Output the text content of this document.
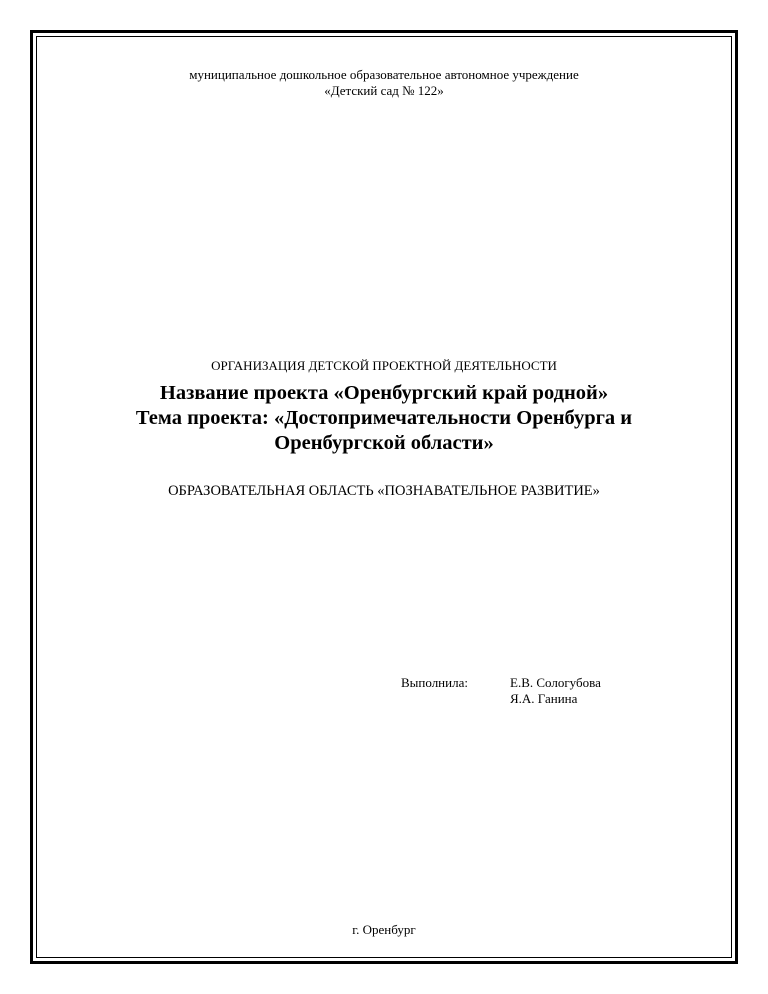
муниципальное дошкольное образовательное автономное учреждение
«Детский сад № 122»
ОРГАНИЗАЦИЯ ДЕТСКОЙ ПРОЕКТНОЙ ДЕЯТЕЛЬНОСТИ
Название проекта «Оренбургский край родной»
Тема проекта: «Достопримечательности Оренбурга и
Оренбургской области»
ОБРАЗОВАТЕЛЬНАЯ ОБЛАСТЬ «ПОЗНАВАТЕЛЬНОЕ РАЗВИТИЕ»
Выполнила:	Е.В. Сологубова
Я.А. Ганина
г. Оренбург
